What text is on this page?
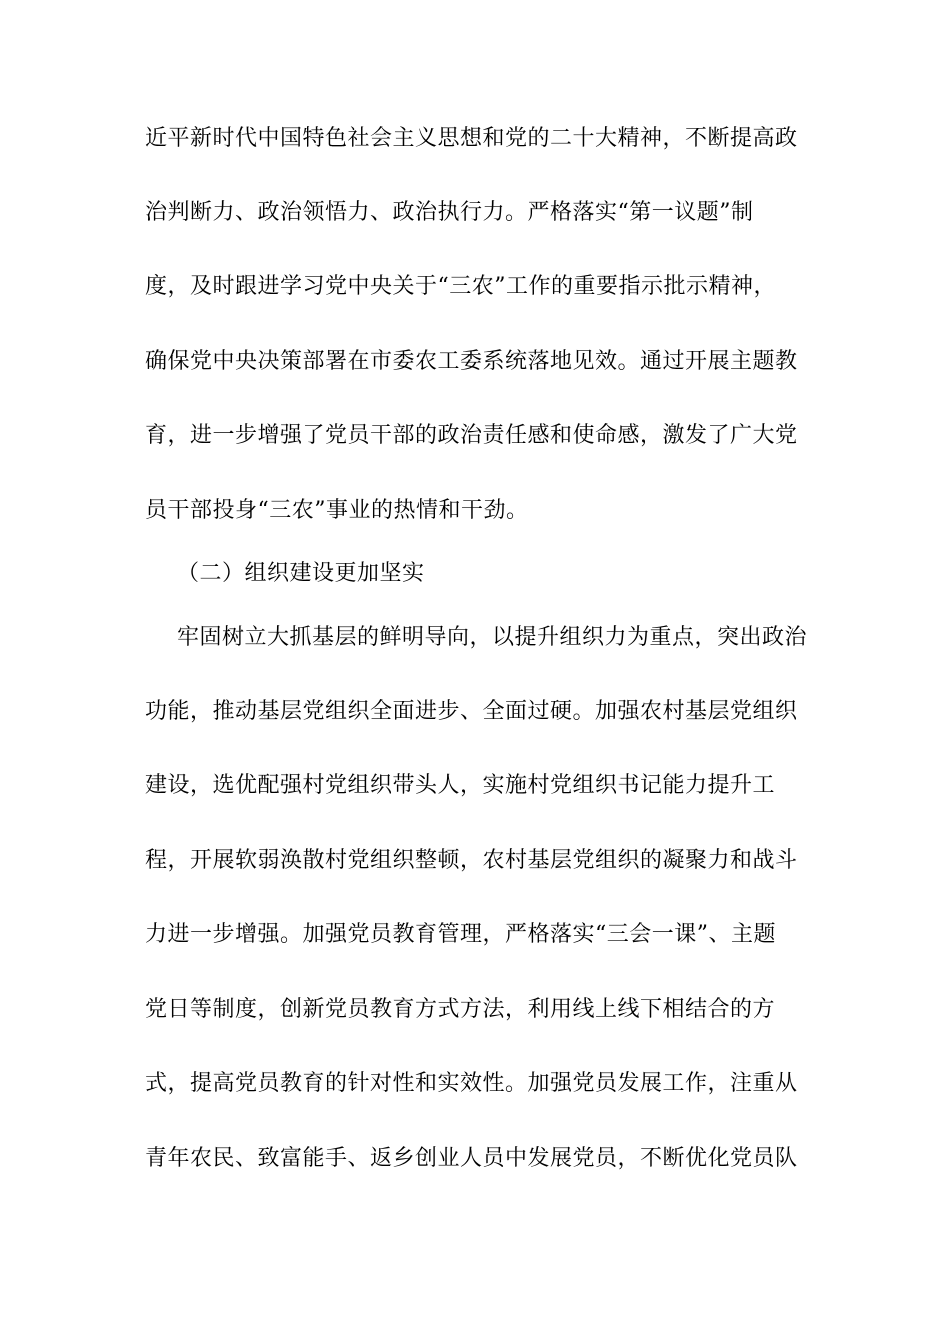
近平新时代中国特色社会主义思想和党的二十大精神，不断提高政
治判断力、政治领悟力、政治执行力。严格落实“第一议题”制
度，及时跟进学习党中央关于“三农”工作的重要指示批示精神，
确保党中央决策部署在市委农工委系统落地见效。通过开展主题教
育，进一步增强了党员干部的政治责任感和使命感，激发了广大党
员干部投身“三农”事业的热情和干劲。
（二）组织建设更加坚实
牢固树立大抓基层的鲜明导向，以提升组织力为重点，突出政治
功能，推动基层党组织全面进步、全面过硬。加强农村基层党组织
建设，选优配强村党组织带头人，实施村党组织书记能力提升工
程，开展软弱涣散村党组织整顿，农村基层党组织的凝聚力和战斗
力进一步增强。加强党员教育管理，严格落实“三会一课”、主题
党日等制度，创新党员教育方式方法，利用线上线下相结合的方
式，提高党员教育的针对性和实效性。加强党员发展工作，注重从
青年农民、致富能手、返乡创业人员中发展党员，不断优化党员队
